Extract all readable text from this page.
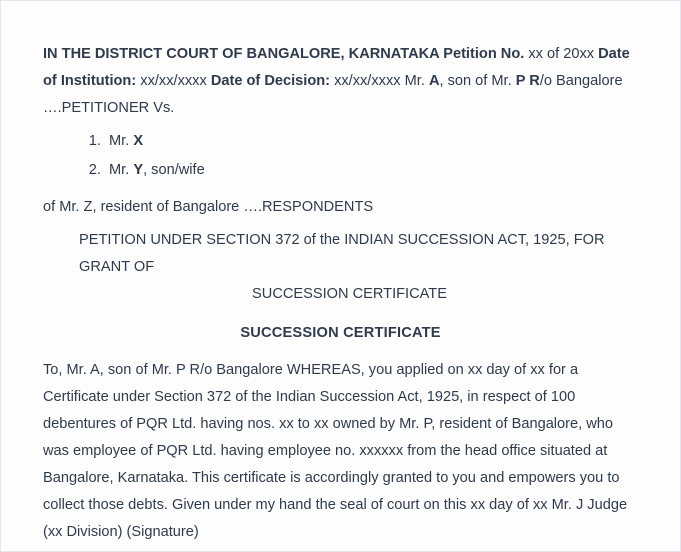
IN THE DISTRICT COURT OF BANGALORE, KARNATAKA Petition No. xx of 20xx Date of Institution: xx/xx/xxxx Date of Decision: xx/xx/xxxx Mr. A, son of Mr. P R/o Bangalore ….PETITIONER Vs.

1. Mr. X
2. Mr. Y, son/wife

of Mr. Z, resident of Bangalore ….RESPONDENTS

PETITION UNDER SECTION 372 of the INDIAN SUCCESSION ACT, 1925, FOR GRANT OF
SUCCESSION CERTIFICATE
SUCCESSION CERTIFICATE

To, Mr. A, son of Mr. P R/o Bangalore WHEREAS, you applied on xx day of xx for a Certificate under Section 372 of the Indian Succession Act, 1925, in respect of 100 debentures of PQR Ltd. having nos. xx to xx owned by Mr. P, resident of Bangalore, who was employee of PQR Ltd. having employee no. xxxxxx from the head office situated at Bangalore, Karnataka. This certificate is accordingly granted to you and empowers you to collect those debts. Given under my hand the seal of court on this xx day of xx Mr. J Judge (xx Division) (Signature)
